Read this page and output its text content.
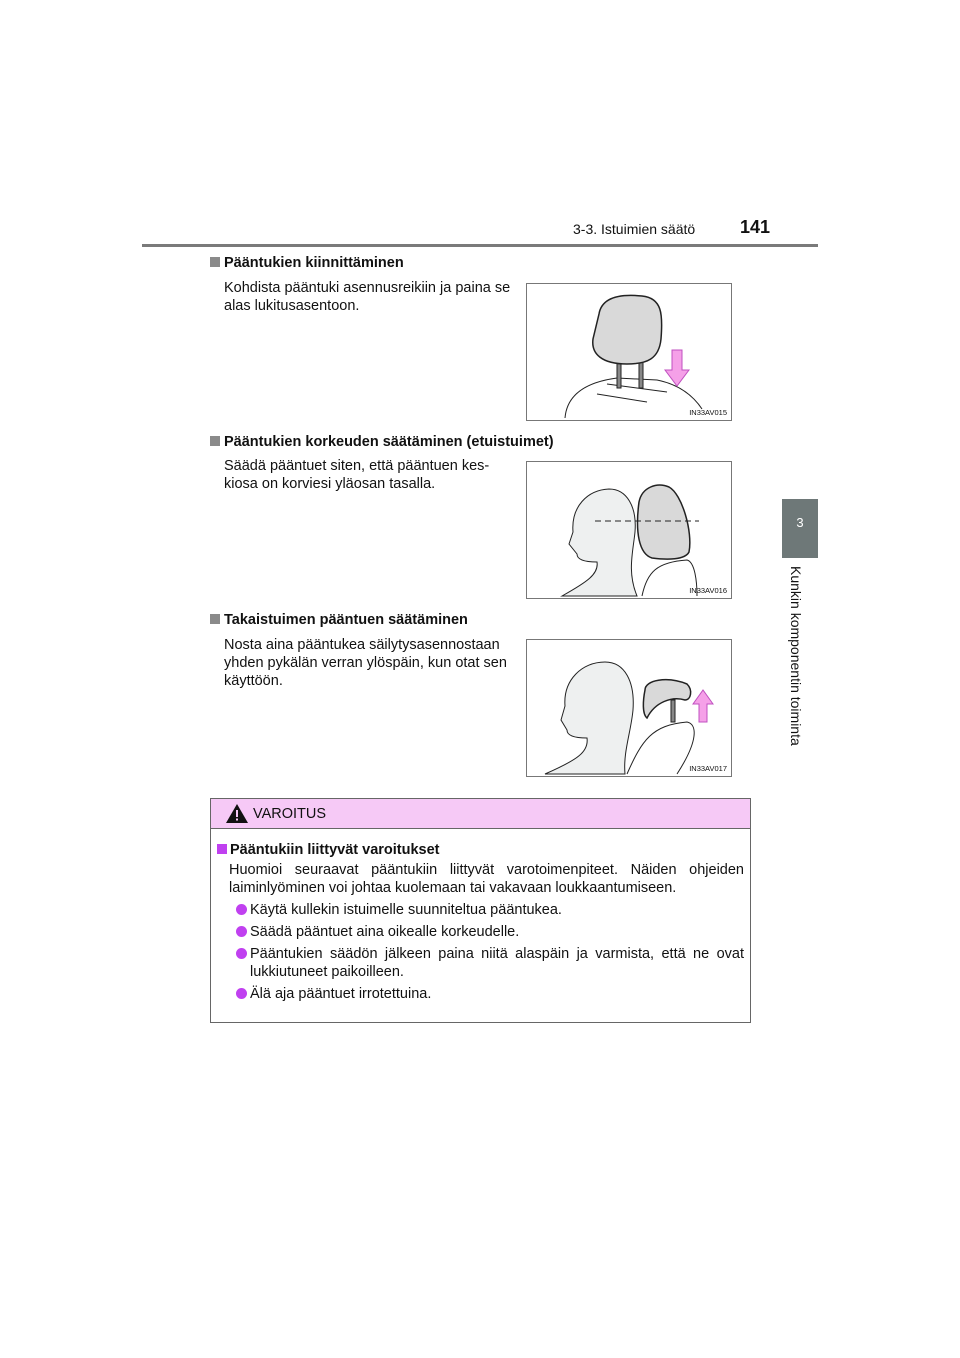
3-3. Istuimien säätö 141
3
Kunkin komponentin toiminta
Pääntukien kiinnittäminen
Kohdista pääntuki asennusreikiin ja paina se alas lukitusasentoon.
IN33AV015
Pääntukien korkeuden säätäminen (etuistuimet)
Säädä pääntuet siten, että pääntuen kes-kiosa on korviesi yläosan tasalla.
IN33AV016
Takaistuimen pääntuen säätäminen
Nosta aina pääntukea säilytysasennostaan yhden pykälän verran ylöspäin, kun otat sen käyttöön.
IN33AV017
VAROITUS
Pääntukiin liittyvät varoitukset
Huomioi seuraavat pääntukiin liittyvät varotoimenpiteet. Näiden ohjeiden laiminlyöminen voi johtaa kuolemaan tai vakavaan loukkaantumiseen.
Käytä kullekin istuimelle suunniteltua pääntukea.
Säädä pääntuet aina oikealle korkeudelle.
Pääntukien säädön jälkeen paina niitä alaspäin ja varmista, että ne ovat lukkiutuneet paikoilleen.
Älä aja pääntuet irrotettuina.
